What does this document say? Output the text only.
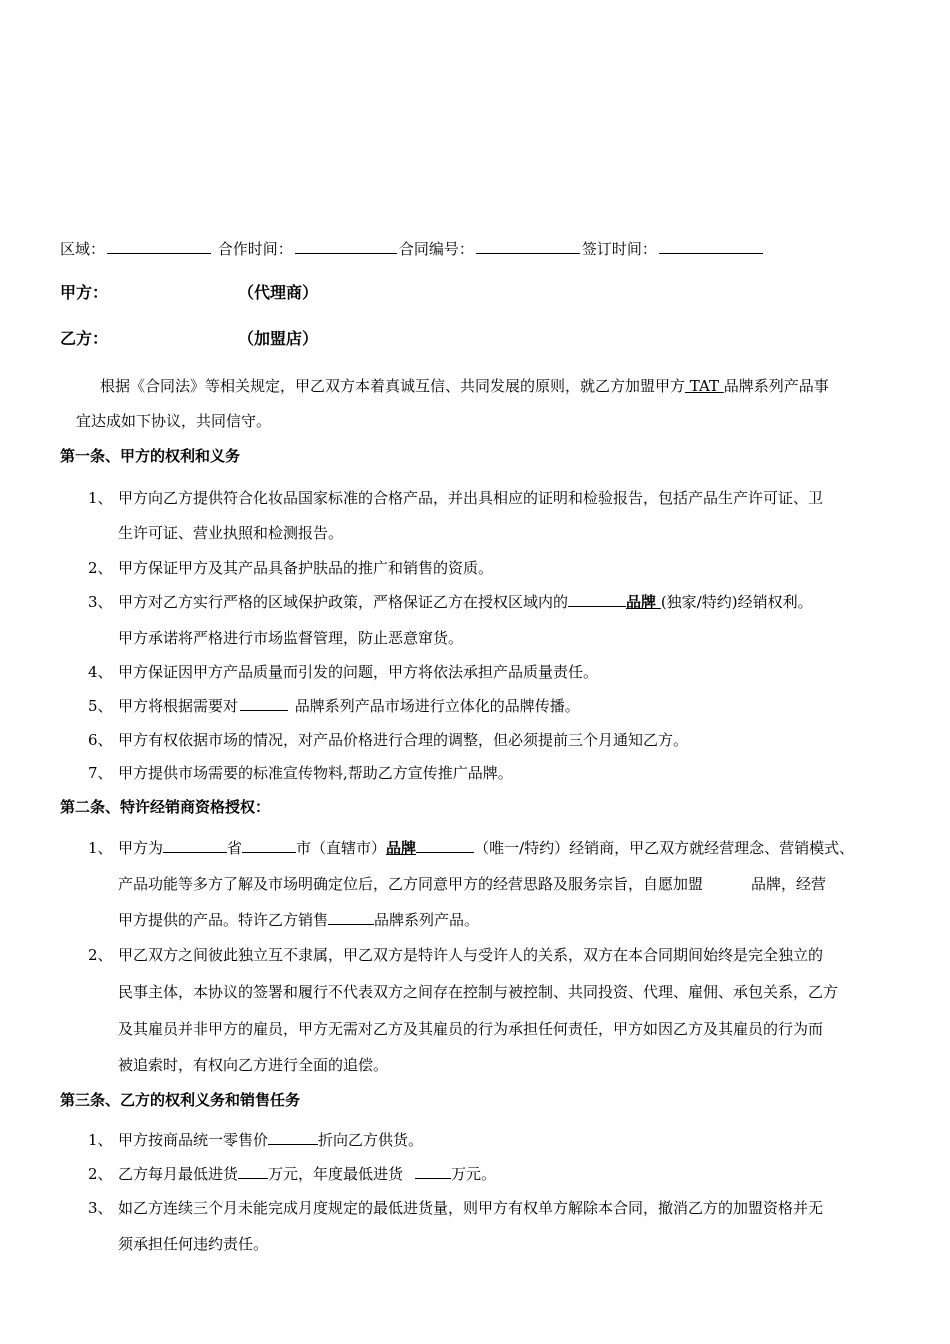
区域：	合作时间：	合同编号：	签订时间：
甲方：	（代理商）
乙方：	（加盟店）
根据《合同法》等相关规定，甲乙双方本着真诚互信、共同发展的原则，就乙方加盟甲方 TAT 品牌系列产品事
宜达成如下协议，共同信守。
第一条、甲方的权利和义务
1、 甲方向乙方提供符合化妆品国家标准的合格产品，并出具相应的证明和检验报告，包括产品生产许可证、卫
生许可证、营业执照和检测报告。
2、 甲方保证甲方及其产品具备护肤品的推广和销售的资质。
3、 甲方对乙方实行严格的区域保护政策，严格保证乙方在授权区域内的	品牌 (独家/特约)经销权利。
甲方承诺将严格进行市场监督管理，防止恶意窜货。
4、 甲方保证因甲方产品质量而引发的问题，甲方将依法承担产品质量责任。
5、 甲方将根据需要对	品牌系列产品市场进行立体化的品牌传播。
6、 甲方有权依据市场的情况，对产品价格进行合理的调整，但必须提前三个月通知乙方。
7、 甲方提供市场需要的标准宣传物料,帮助乙方宣传推广品牌。
第二条、特许经销商资格授权：
1、 甲方为	省	市（直辖市）品牌	（唯一/特约）经销商，甲乙双方就经营理念、营销模式、
产品功能等多方了解及市场明确定位后，乙方同意甲方的经营思路及服务宗旨，自愿加盟	品牌，经营
甲方提供的产品。特许乙方销售	品牌系列产品。
2、 甲乙双方之间彼此独立互不隶属，甲乙双方是特许人与受许人的关系，双方在本合同期间始终是完全独立的
民事主体，本协议的签署和履行不代表双方之间存在控制与被控制、共同投资、代理、雇佣、承包关系，乙方
及其雇员并非甲方的雇员，甲方无需对乙方及其雇员的行为承担任何责任，甲方如因乙方及其雇员的行为而
被追索时，有权向乙方进行全面的追偿。
第三条、乙方的权利义务和销售任务
1、 甲方按商品统一零售价	折向乙方供货。
2、 乙方每月最低进货 万元，年度最低进货	万元。
3、 如乙方连续三个月未能完成月度规定的最低进货量，则甲方有权单方解除本合同，撤消乙方的加盟资格并无
须承担任何违约责任。
